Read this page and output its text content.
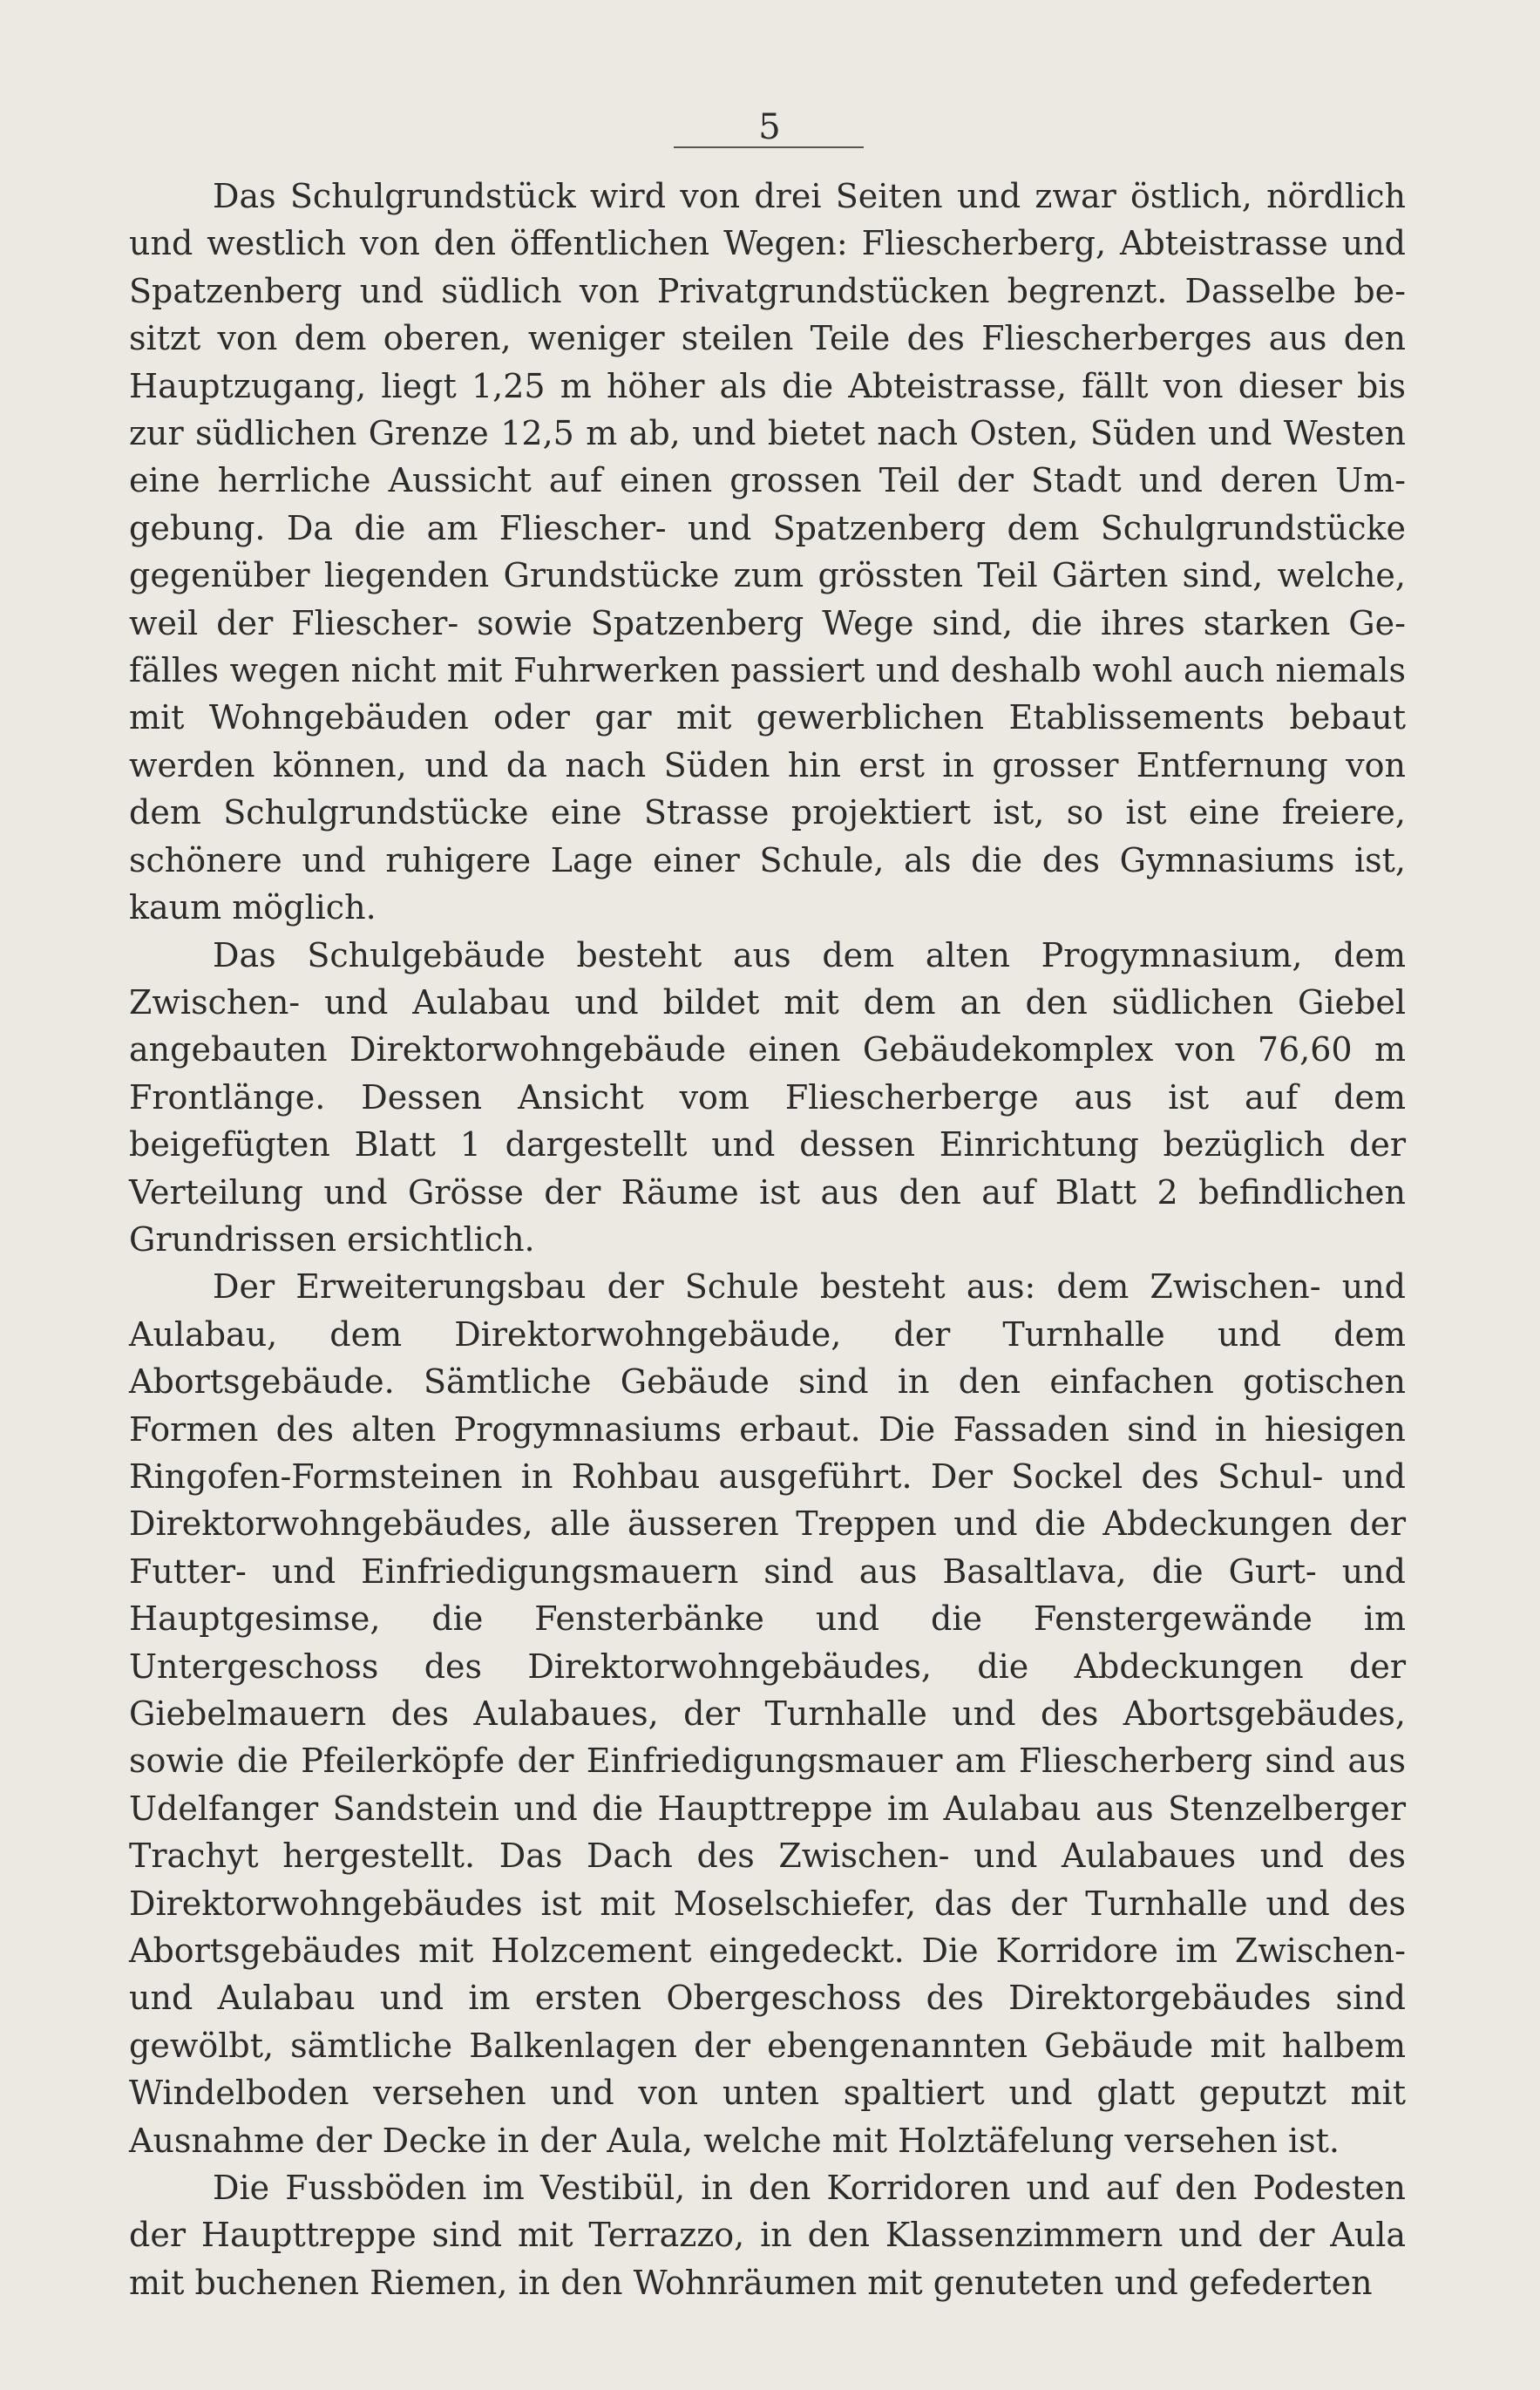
5

Das Schulgrundstück wird von drei Seiten und zwar östlich, nördlich und westlich von den öffentlichen Wegen: Fliescherberg, Abteistrasse und Spatzenberg und südlich von Privatgrundstücken begrenzt. Dasselbe besitzt von dem oberen, weniger steilen Teile des Fliescherberges aus den Hauptzugang, liegt 1,25 m höher als die Abteistrasse, fällt von dieser bis zur südlichen Grenze 12,5 m ab, und bietet nach Osten, Süden und Westen eine herrliche Aussicht auf einen grossen Teil der Stadt und deren Umgebung. Da die am Fliescher- und Spatzenberg dem Schulgrundstücke gegenüber liegenden Grundstücke zum grössten Teil Gärten sind, welche, weil der Fliescher- sowie Spatzenberg Wege sind, die ihres starken Gefälles wegen nicht mit Fuhrwerken passiert und deshalb wohl auch niemals mit Wohngebäuden oder gar mit gewerblichen Etablissements bebaut werden können, und da nach Süden hin erst in grosser Entfernung von dem Schulgrundstücke eine Strasse projektiert ist, so ist eine freiere, schönere und ruhigere Lage einer Schule, als die des Gymnasiums ist, kaum möglich.

Das Schulgebäude besteht aus dem alten Progymnasium, dem Zwischen- und Aulabau und bildet mit dem an den südlichen Giebel angebauten Direktorwohngebäude einen Gebäudekomplex von 76,60 m Frontlänge. Dessen Ansicht vom Fliescherberge aus ist auf dem beigefügten Blatt 1 dargestellt und dessen Einrichtung bezüglich der Verteilung und Grösse der Räume ist aus den auf Blatt 2 befindlichen Grundrissen ersichtlich.

Der Erweiterungsbau der Schule besteht aus: dem Zwischen- und Aulabau, dem Direktorwohngebäude, der Turnhalle und dem Abortsgebäude. Sämtliche Gebäude sind in den einfachen gotischen Formen des alten Progymnasiums erbaut. Die Fassaden sind in hiesigen Ringofen-Formsteinen in Rohbau ausgeführt. Der Sockel des Schul- und Direktorwohngebäudes, alle äusseren Treppen und die Abdeckungen der Futter- und Einfriedigungsmauern sind aus Basaltlava, die Gurt- und Hauptgesimse, die Fensterbänke und die Fenstergewände im Untergeschoss des Direktorwohngebäudes, die Abdeckungen der Giebelmauern des Aulabaues, der Turnhalle und des Abortsgebäudes, sowie die Pfeilerköpfe der Einfriedigungsmauer am Fliescherberg sind aus Udelfanger Sandstein und die Haupttreppe im Aulabau aus Stenzelberger Trachyt hergestellt. Das Dach des Zwischen- und Aulabaues und des Direktorwohngebäudes ist mit Moselschiefer, das der Turnhalle und des Abortsgebäudes mit Holzcement eingedeckt. Die Korridore im Zwischen- und Aulabau und im ersten Obergeschoss des Direktorgebäudes sind gewölbt, sämtliche Balkenlagen der ebengenannten Gebäude mit halbem Windelboden versehen und von unten spaltiert und glatt geputzt mit Ausnahme der Decke in der Aula, welche mit Holztäfelung versehen ist.

Die Fussböden im Vestibül, in den Korridoren und auf den Podesten der Haupttreppe sind mit Terrazzo, in den Klassenzimmern und der Aula mit buchenen Riemen, in den Wohnräumen mit genuteten und gefederten
